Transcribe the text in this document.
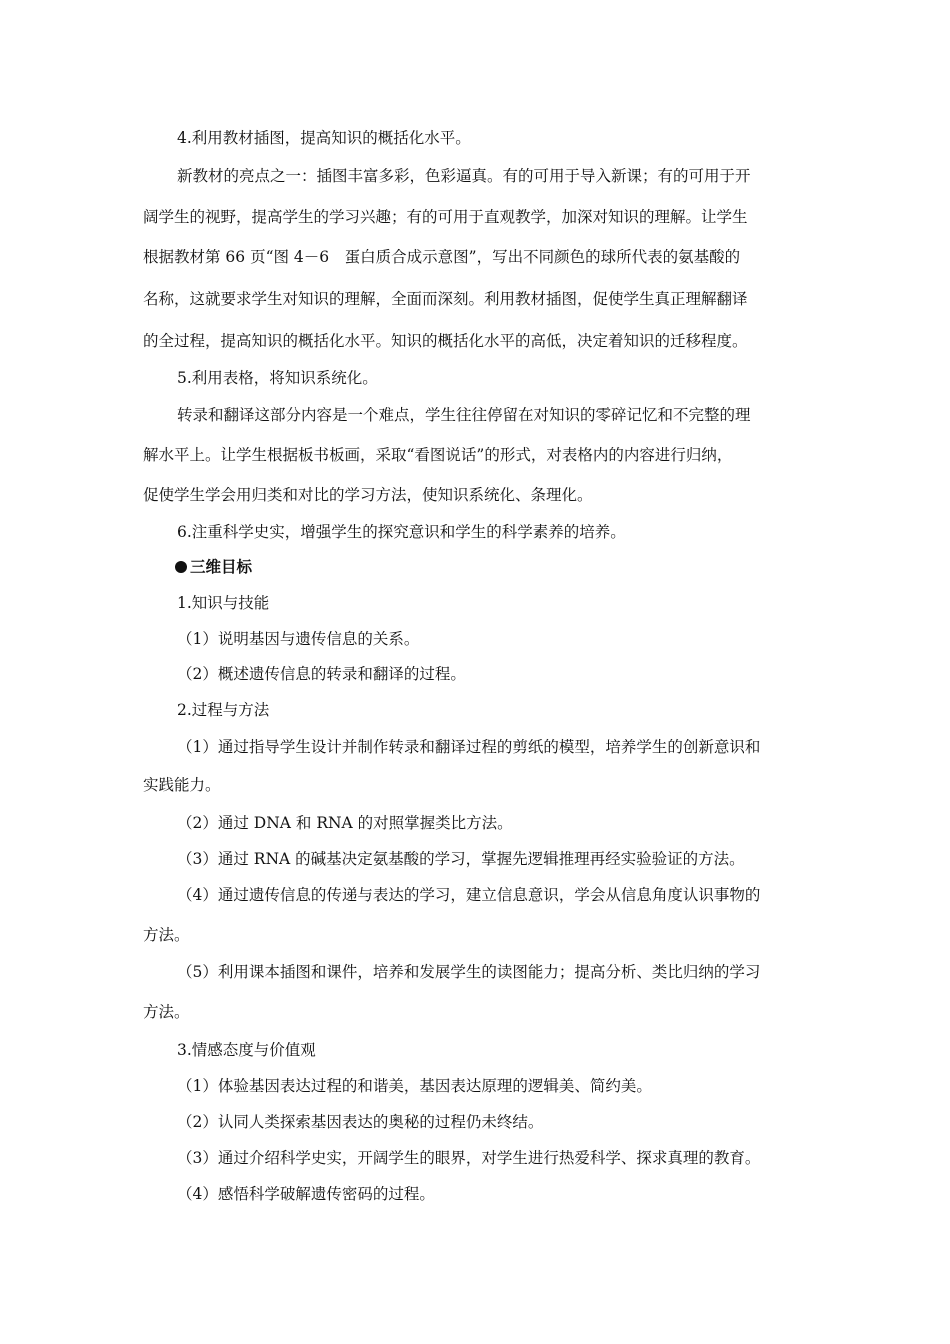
4.利用教材插图，提高知识的概括化水平。
新教材的亮点之一：插图丰富多彩，色彩逼真。有的可用于导入新课；有的可用于开
阔学生的视野，提高学生的学习兴趣；有的可用于直观教学，加深对知识的理解。让学生
根据教材第 66 页“图 4－6　蛋白质合成示意图”，写出不同颜色的球所代表的氨基酸的
名称，这就要求学生对知识的理解，全面而深刻。利用教材插图，促使学生真正理解翻译
的全过程，提高知识的概括化水平。知识的概括化水平的高低，决定着知识的迁移程度。
5.利用表格，将知识系统化。
转录和翻译这部分内容是一个难点，学生往往停留在对知识的零碎记忆和不完整的理
解水平上。让学生根据板书板画，采取“看图说话”的形式，对表格内的内容进行归纳，
促使学生学会用归类和对比的学习方法，使知识系统化、条理化。
6.注重科学史实，增强学生的探究意识和学生的科学素养的培养。
三维目标
1.知识与技能
（1）说明基因与遗传信息的关系。
（2）概述遗传信息的转录和翻译的过程。
2.过程与方法
（1）通过指导学生设计并制作转录和翻译过程的剪纸的模型，培养学生的创新意识和
实践能力。
（2）通过 DNA 和 RNA 的对照掌握类比方法。
（3）通过 RNA 的碱基决定氨基酸的学习，掌握先逻辑推理再经实验验证的方法。
（4）通过遗传信息的传递与表达的学习，建立信息意识，学会从信息角度认识事物的
方法。
（5）利用课本插图和课件，培养和发展学生的读图能力；提高分析、类比归纳的学习
方法。
3.情感态度与价值观
（1）体验基因表达过程的和谐美，基因表达原理的逻辑美、简约美。
（2）认同人类探索基因表达的奥秘的过程仍未终结。
（3）通过介绍科学史实，开阔学生的眼界，对学生进行热爱科学、探求真理的教育。
（4）感悟科学破解遗传密码的过程。
